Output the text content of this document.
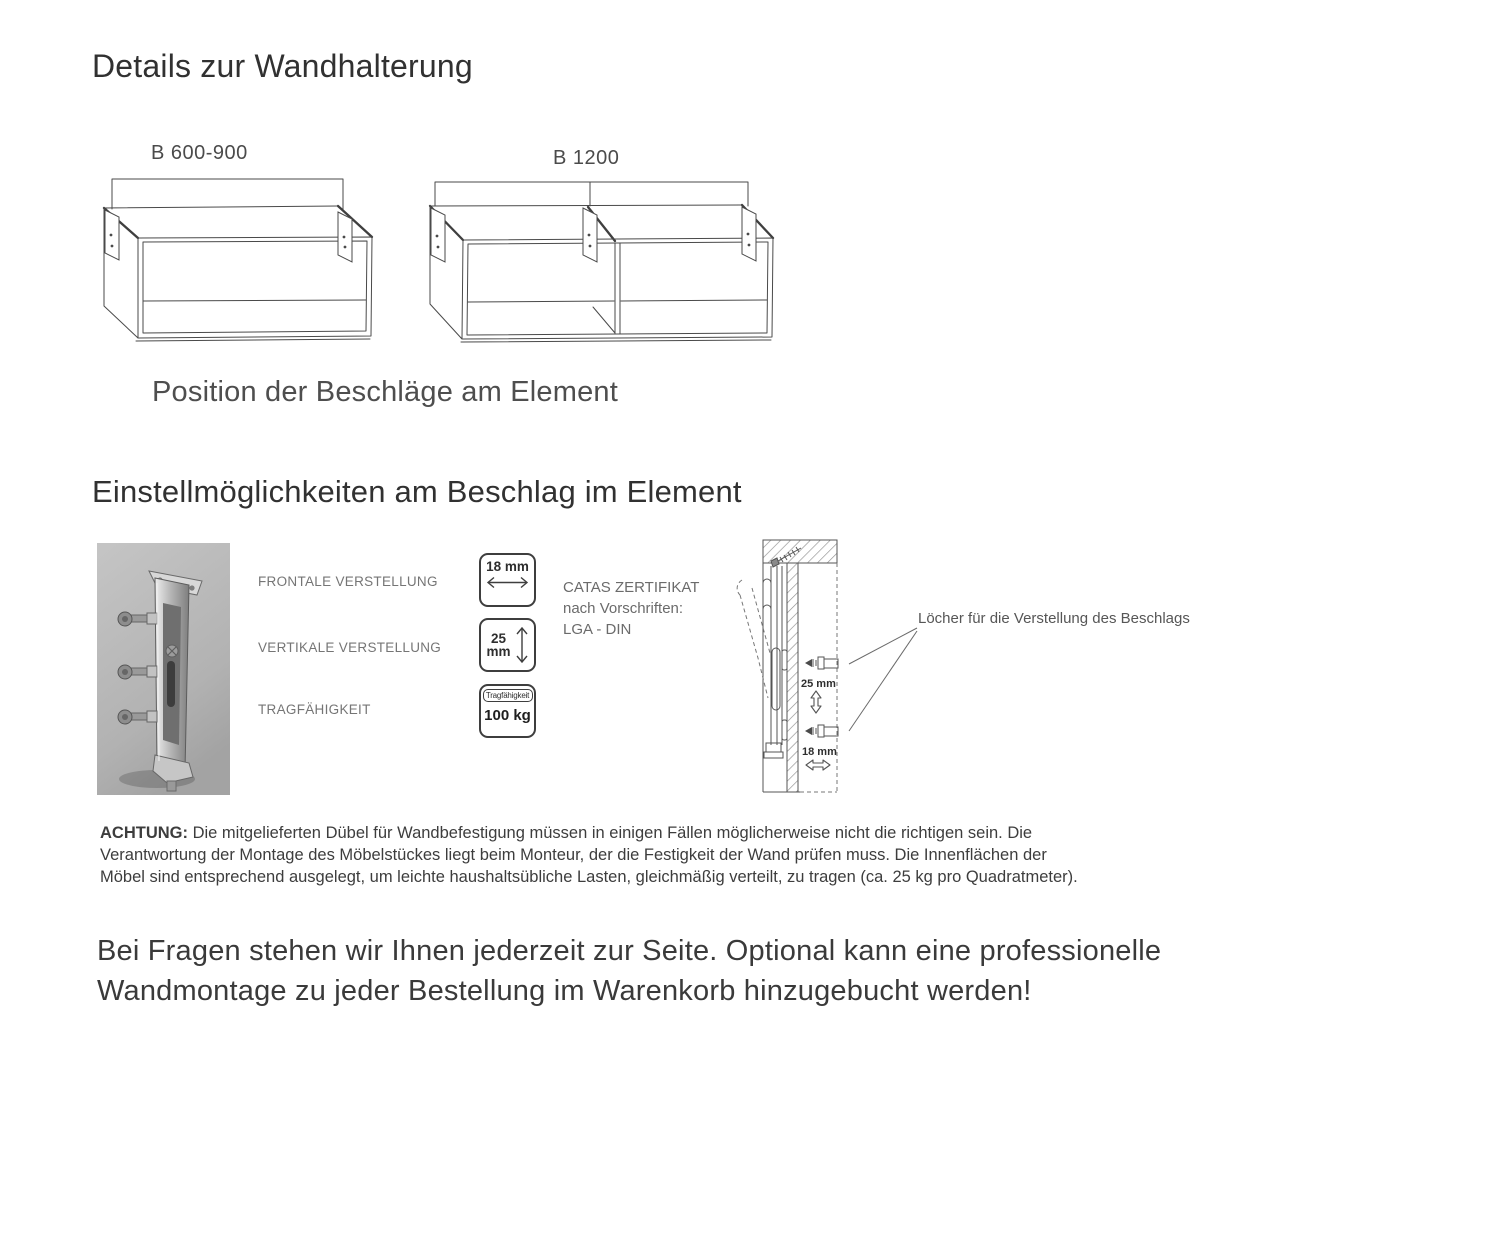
Details zur Wandhalterung
B 600-900	B 1200
Position der Beschläge am Element
Einstellmöglichkeiten am Beschlag im Element
FRONTALE VERSTELLUNG
VERTIKALE VERSTELLUNG
TRAGFÄHIGKEIT
18 mm
25
mm
Tragfähigkeit
100 kg
CATAS ZERTIFIKAT
nach Vorschriften:
LGA - DIN
25 mm
18 mm
Löcher für die Verstellung des Beschlags
ACHTUNG: Die mitgelieferten Dübel für Wandbefestigung müssen in einigen Fällen möglicherweise nicht die richtigen sein. Die Verantwortung der Montage des Möbelstückes liegt beim Monteur, der die Festigkeit der Wand prüfen muss. Die Innenflächen der Möbel sind entsprechend ausgelegt, um leichte haushaltsübliche Lasten, gleichmäßig verteilt, zu tragen (ca. 25 kg pro Quadratmeter).
Bei Fragen stehen wir Ihnen jederzeit zur Seite. Optional kann eine professionelle
Wandmontage zu jeder Bestellung im Warenkorb hinzugebucht werden!
